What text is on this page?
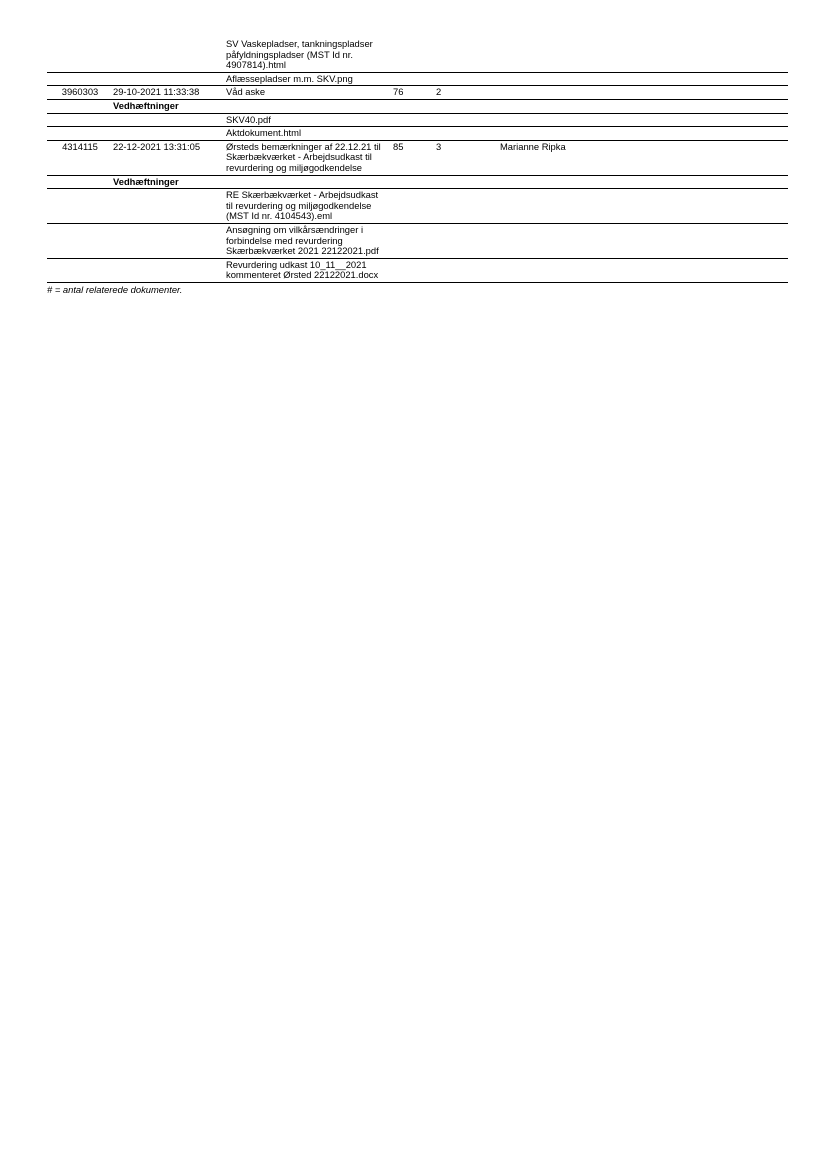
		SV Vaskepladser, tankningspladser påfyldningspladser (MST Id nr. 4907814).html			
		Aflæssepladser m.m. SKV.png			
3960303	29-10-2021 11:33:38	Våd aske	76	2	
	Vedhæftninger				
		SKV40.pdf			
		Aktdokument.html			
4314115	22-12-2021 13:31:05	Ørsteds bemærkninger af 22.12.21 til Skærbækværket - Arbejdsudkast til revurdering og miljøgodkendelse	85	3	Marianne Ripka
	Vedhæftninger				
		RE Skærbækværket - Arbejdsudkast til revurdering og miljøgodkendelse (MST Id nr. 4104543).eml			
		Ansøgning om vilkårsændringer i forbindelse med revurdering Skærbækværket 2021 22122021.pdf			
		Revurdering udkast 10_11__2021 kommenteret Ørsted 22122021.docx			
# = antal relaterede dokumenter.
